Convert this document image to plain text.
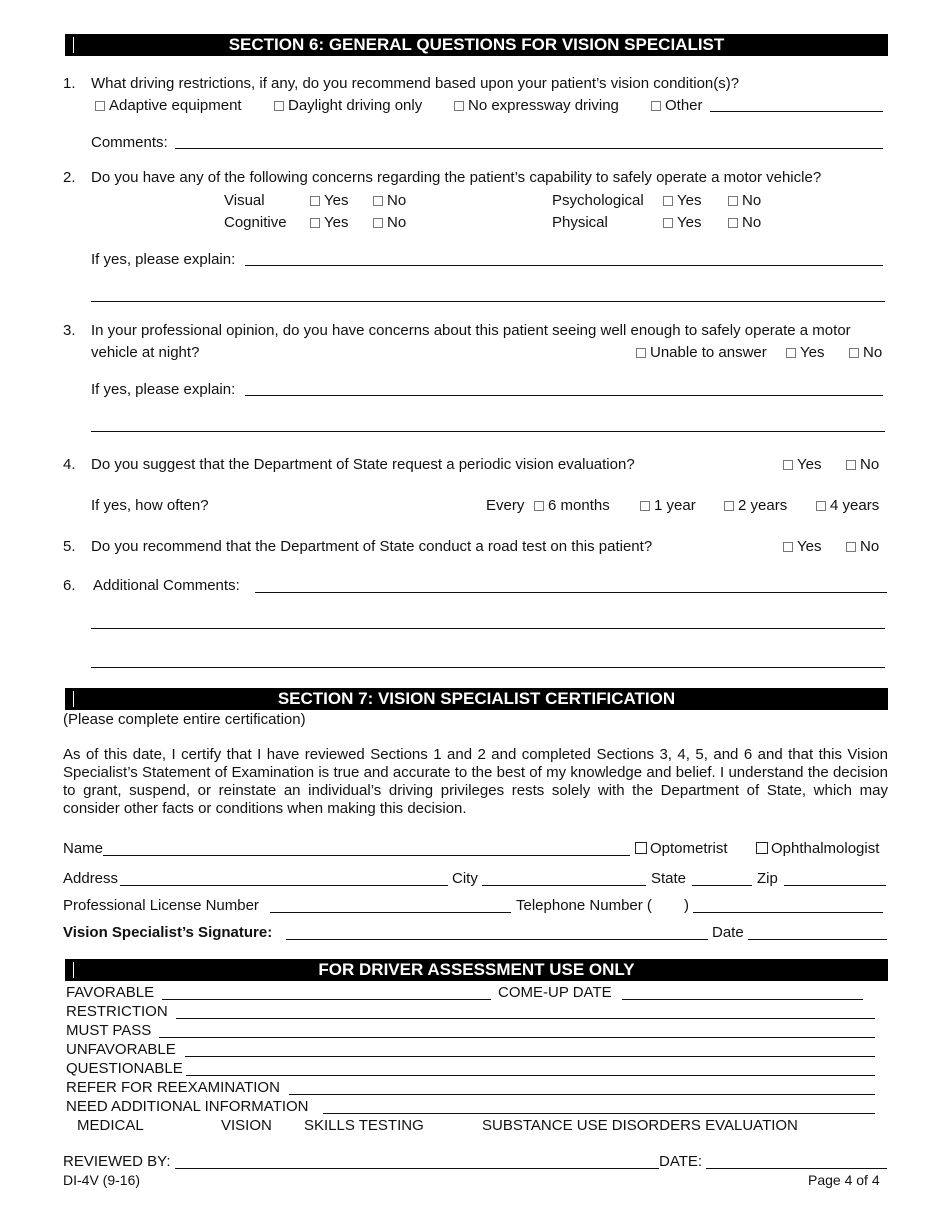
SECTION 6: GENERAL QUESTIONS FOR VISION SPECIALIST
1. What driving restrictions, if any, do you recommend based upon your patient’s vision condition(s)?
Adaptive equipment	Daylight driving only	No expressway driving	Other
Comments:
2. Do you have any of the following concerns regarding the patient’s capability to safely operate a motor vehicle?
Visual	Yes	No	Psychological	Yes	No
Cognitive	Yes	No	Physical	Yes	No
If yes, please explain:
3. In your professional opinion, do you have concerns about this patient seeing well enough to safely operate a motor
vehicle at night?	Unable to answer	Yes	No
If yes, please explain:
4. Do you suggest that the Department of State request a periodic vision evaluation?	Yes	No
If yes, how often?	Every	6 months	1 year	2 years	4 years
5. Do you recommend that the Department of State conduct a road test on this patient?	Yes	No
6. Additional Comments:
SECTION 7: VISION SPECIALIST CERTIFICATION
(Please complete entire certification)
As of this date, I certify that I have reviewed Sections 1 and 2 and completed Sections 3, 4, 5, and 6 and that this Vision Specialist’s Statement of Examination is true and accurate to the best of my knowledge and belief. I understand the decision to grant, suspend, or reinstate an individual’s driving privileges rests solely with the Department of State, which may consider other facts or conditions when making this decision.
Name	Optometrist	Ophthalmologist
Address	City	State	Zip
Professional License Number	Telephone Number ( )
Vision Specialist’s Signature:	Date
FOR DRIVER ASSESSMENT USE ONLY
FAVORABLE	COME-UP DATE
RESTRICTION
MUST PASS
UNFAVORABLE
QUESTIONABLE
REFER FOR REEXAMINATION
NEED ADDITIONAL INFORMATION
MEDICAL	VISION SKILLS TESTING	SUBSTANCE USE DISORDERS EVALUATION
REVIEWED BY:	DATE:
DI-4V (9-16)	Page 4 of 4
